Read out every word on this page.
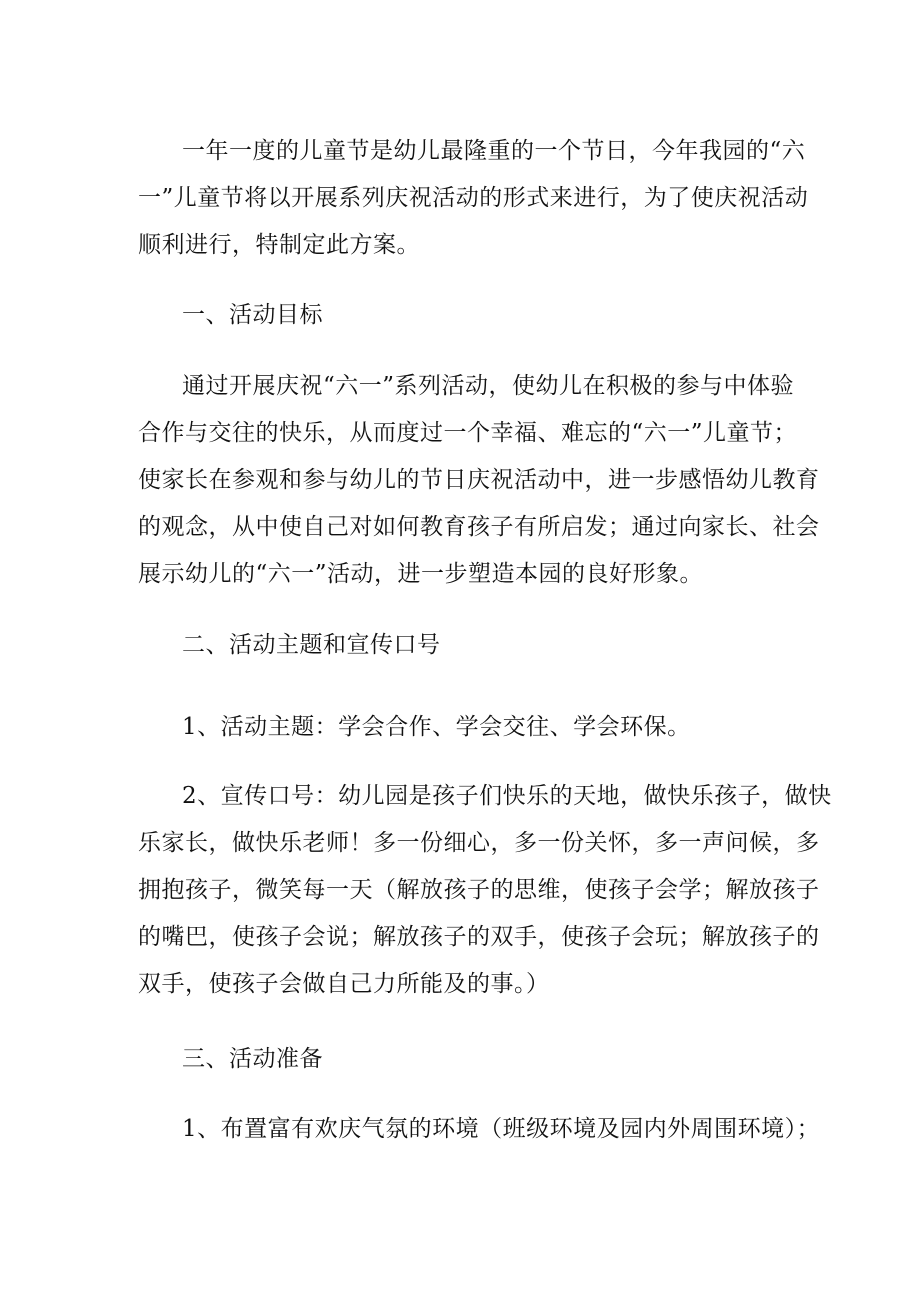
一年一度的儿童节是幼儿最隆重的一个节日，今年我园的“六
一”儿童节将以开展系列庆祝活动的形式来进行，为了使庆祝活动
顺利进行，特制定此方案。
一、活动目标
通过开展庆祝“六一”系列活动，使幼儿在积极的参与中体验
合作与交往的快乐，从而度过一个幸福、难忘的“六一”儿童节；
使家长在参观和参与幼儿的节日庆祝活动中，进一步感悟幼儿教育
的观念，从中使自己对如何教育孩子有所启发；通过向家长、社会
展示幼儿的“六一”活动，进一步塑造本园的良好形象。
二、活动主题和宣传口号
1、活动主题：学会合作、学会交往、学会环保。
2、宣传口号：幼儿园是孩子们快乐的天地，做快乐孩子，做快
乐家长，做快乐老师！多一份细心，多一份关怀，多一声问候，多
拥抱孩子，微笑每一天（解放孩子的思维，使孩子会学；解放孩子
的嘴巴，使孩子会说；解放孩子的双手，使孩子会玩；解放孩子的
双手，使孩子会做自己力所能及的事。）
三、活动准备
1、布置富有欢庆气氛的环境（班级环境及园内外周围环境）；
